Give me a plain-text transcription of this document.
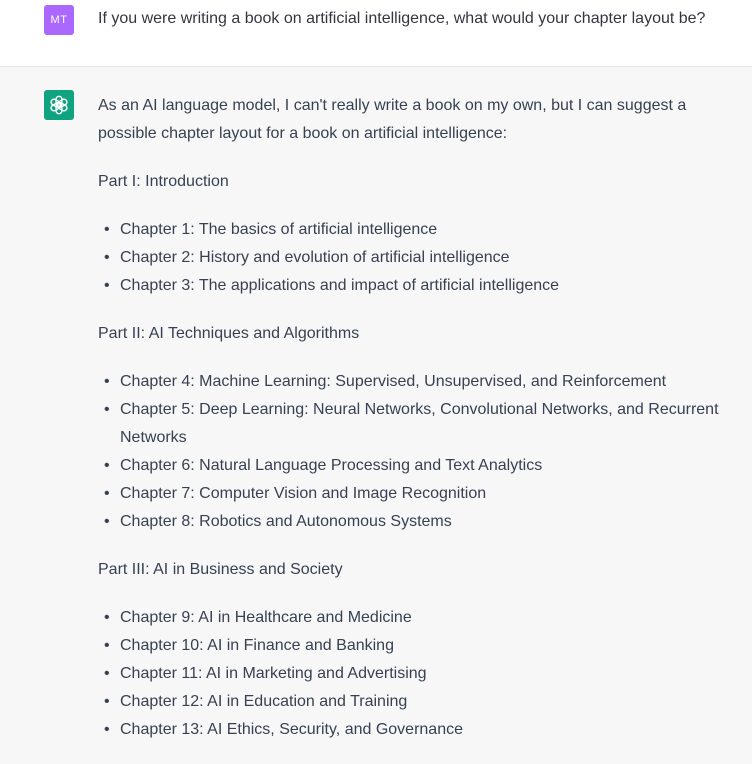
MT If you were writing a book on artificial intelligence, what would your chapter layout be?

As an AI language model, I can't really write a book on my own, but I can suggest a possible chapter layout for a book on artificial intelligence:

Part I: Introduction

• Chapter 1: The basics of artificial intelligence
• Chapter 2: History and evolution of artificial intelligence
• Chapter 3: The applications and impact of artificial intelligence

Part II: AI Techniques and Algorithms

• Chapter 4: Machine Learning: Supervised, Unsupervised, and Reinforcement
• Chapter 5: Deep Learning: Neural Networks, Convolutional Networks, and Recurrent Networks
• Chapter 6: Natural Language Processing and Text Analytics
• Chapter 7: Computer Vision and Image Recognition
• Chapter 8: Robotics and Autonomous Systems

Part III: AI in Business and Society

• Chapter 9: AI in Healthcare and Medicine
• Chapter 10: AI in Finance and Banking
• Chapter 11: AI in Marketing and Advertising
• Chapter 12: AI in Education and Training
• Chapter 13: AI Ethics, Security, and Governance
